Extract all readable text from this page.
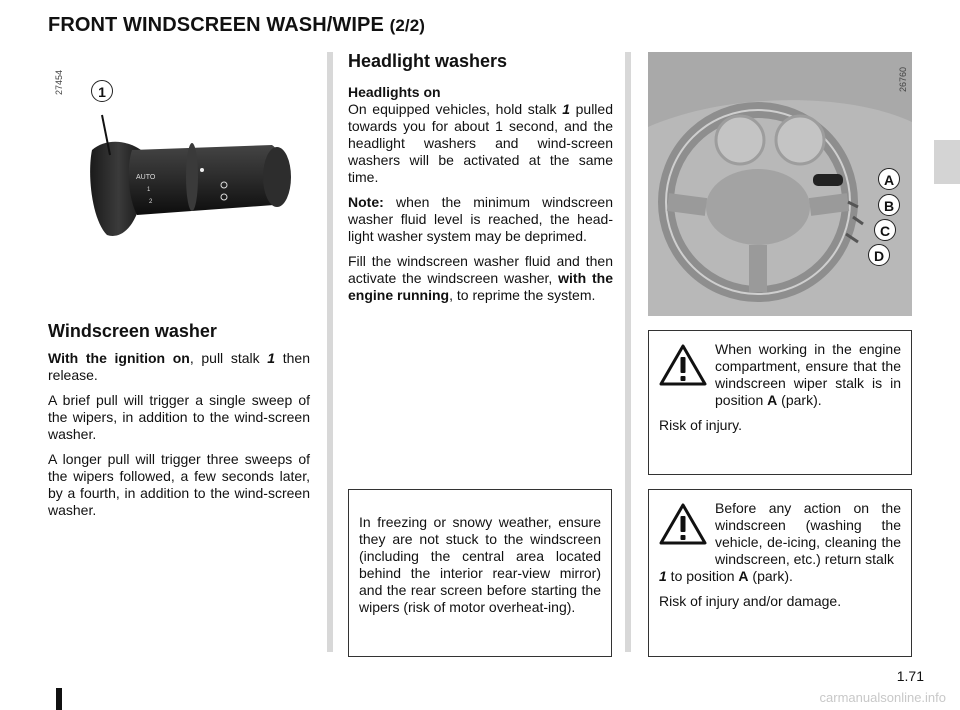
FRONT WINDSCREEN WASH/WIPE (2/2)
27454
AUTO
1
2
1
Windscreen washer

With the ignition on, pull stalk 1 then release.

A brief pull will trigger a single sweep of the wipers, in addition to the wind-screen washer.

A longer pull will trigger three sweeps of the wipers followed, a few seconds later, by a fourth, in addition to the wind-screen washer.

Headlight washers

Headlights on

On equipped vehicles, hold stalk 1 pulled towards you for about 1 second, and the headlight washers and wind-screen washers will be activated at the same time.

Note: when the minimum windscreen washer fluid level is reached, the head-light washer system may be deprimed.

Fill the windscreen washer fluid and then activate the windscreen washer, with the engine running, to reprime the system.

In freezing or snowy weather, ensure they are not stuck to the windscreen (including the central area located behind the interior rear-view mirror) and the rear screen before starting the wipers (risk of motor overheat-ing).

26760
A
B
C
D

When working in the engine compartment, ensure that the windscreen wiper stalk is in position A (park).

Risk of injury.

Before any action on the windscreen (washing the vehicle, de-icing, cleaning the windscreen, etc.) return stalk
1 to position A (park).

Risk of injury and/or damage.

1.71
carmanualsonline.info
